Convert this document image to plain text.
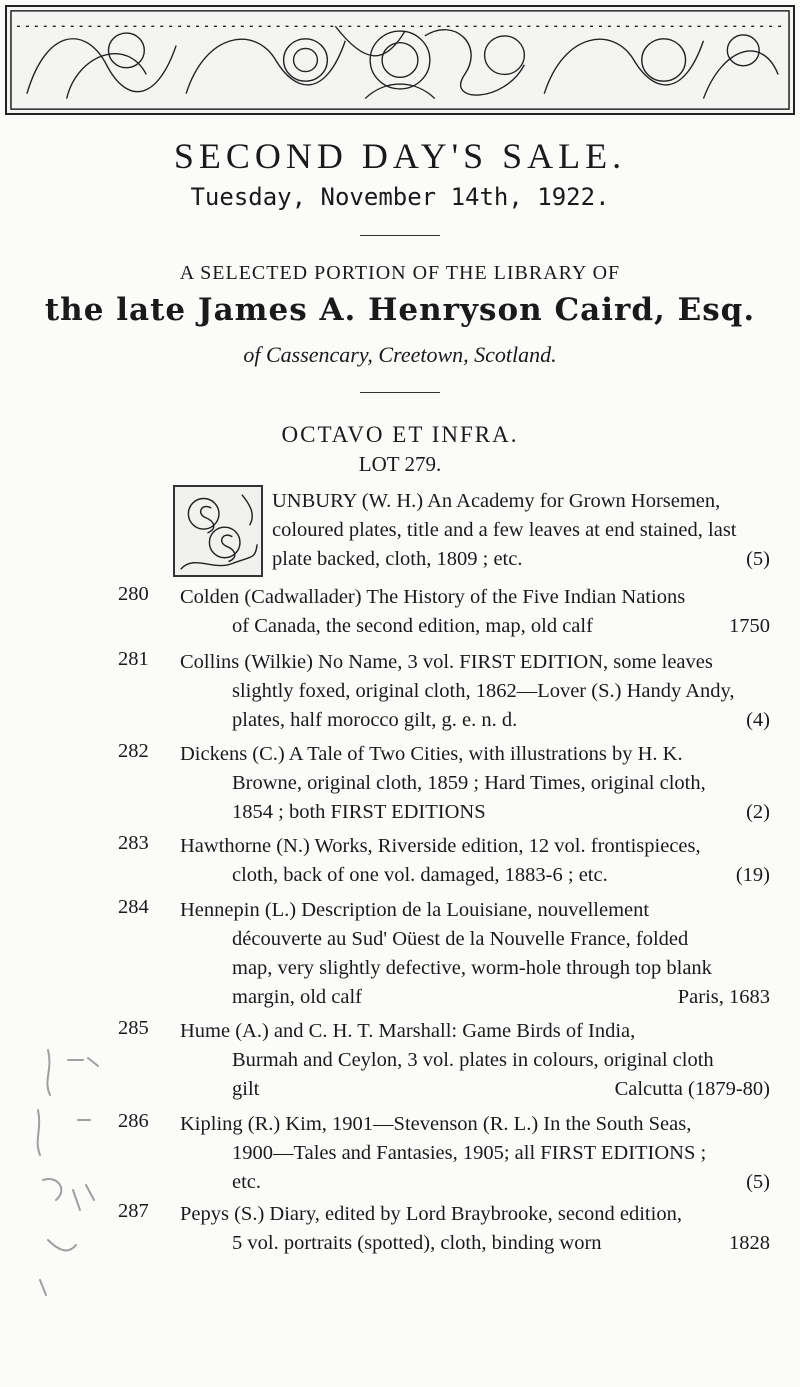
SECOND DAY'S SALE.
Tuesday, November 14th, 1922.
A SELECTED PORTION OF THE LIBRARY OF
the late James A. Henryson Caird, Esq.
of Cassencary, Creetown, Scotland.
OCTAVO ET INFRA.
LOT 279.
UNBURY (W. H.) An Academy for Grown Horsemen,
coloured plates, title and a few leaves at end stained, last
plate backed, cloth, 1809 ; etc.	(5)
280 Colden (Cadwallader) The History of the Five Indian Nations
of Canada, the second edition, map, old calf	1750
281 Collins (Wilkie) No Name, 3 vol. FIRST EDITION, some leaves
slightly foxed, original cloth, 1862—Lover (S.) Handy Andy,
plates, half morocco gilt, g. e. n. d.	(4)
282 Dickens (C.) A Tale of Two Cities, with illustrations by H. K.
Browne, original cloth, 1859 ; Hard Times, original cloth,
1854 ; both FIRST EDITIONS	(2)
283 Hawthorne (N.) Works, Riverside edition, 12 vol. frontispieces,
cloth, back of one vol. damaged, 1883-6 ; etc.	(19)
284 Hennepin (L.) Description de la Louisiane, nouvellement
découverte au Sud' Oüest de la Nouvelle France, folded
map, very slightly defective, worm-hole through top blank
margin, old calf	Paris, 1683
285 Hume (A.) and C. H. T. Marshall: Game Birds of India,
Burmah and Ceylon, 3 vol. plates in colours, original cloth
gilt	Calcutta (1879-80)
286 Kipling (R.) Kim, 1901—Stevenson (R. L.) In the South Seas,
1900—Tales and Fantasies, 1905; all FIRST EDITIONS ;
etc.	(5)
287 Pepys (S.) Diary, edited by Lord Braybrooke, second edition,
5 vol. portraits (spotted), cloth, binding worn	1828
